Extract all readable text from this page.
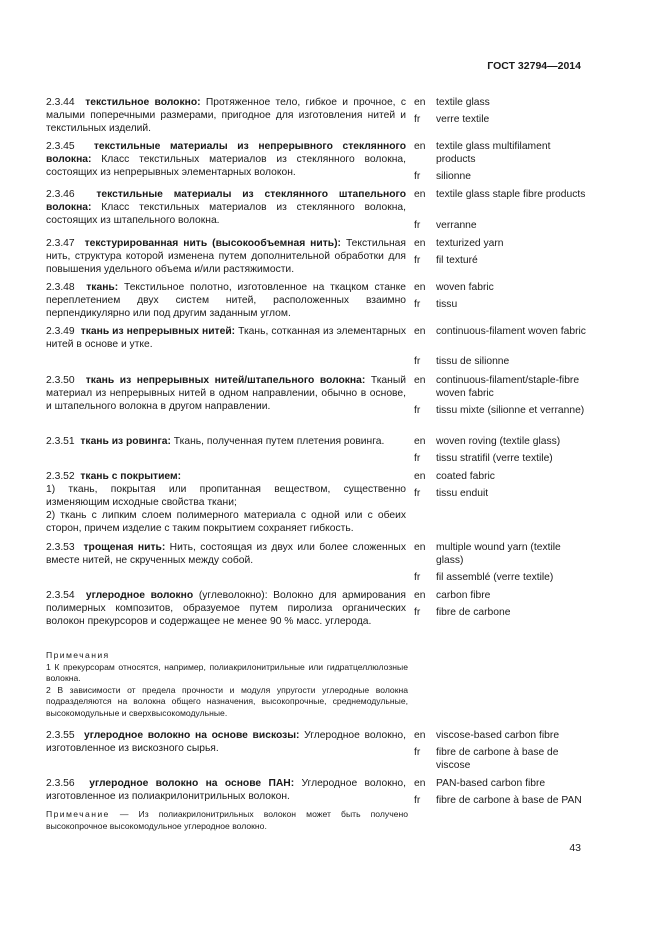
ГОСТ 32794—2014
2.3.44 текстильное волокно: Протяженное тело, гибкое и прочное, с малыми поперечными размерами, пригодное для изготовления нитей и текстильных изделий.
en	textile glass
fr	verre textile
2.3.45 текстильные материалы из непрерывного стеклянного волокна: Класс текстильных материалов из стеклянного волокна, состоящих из непрерывных элементарных волокон.
en	textile glass multifilament products
fr	silionne
2.3.46 текстильные материалы из стеклянного штапельного волокна: Класс текстильных материалов из стеклянного волокна, состоящих из штапельного волокна.
en	textile glass staple fibre products
fr	verranne
2.3.47 текстурированная нить (высокообъемная нить): Текстильная нить, структура которой изменена путем дополнительной обработки для повышения удельного объема и/или растяжимости.
en	texturized yarn
fr	fil texturé
2.3.48 ткань: Текстильное полотно, изготовленное на ткацком станке переплетением двух систем нитей, расположенных взаимно перпендикулярно или под другим заданным углом.
en	woven fabric
fr	tissu
2.3.49 ткань из непрерывных нитей: Ткань, сотканная из элементарных нитей в основе и утке.
en	continuous-filament woven fabric
fr	tissu de silionne
2.3.50 ткань из непрерывных нитей/штапельного волокна: Тканый материал из непрерывных нитей в одном направлении, обычно в основе, и штапельного волокна в другом направлении.
en	continuous-filament/staple-fibre woven fabric
fr	tissu mixte (silionne et verranne)
2.3.51 ткань из ровинга: Ткань, полученная путем плетения ровинга.	en	woven roving (textile glass)
fr	tissu stratifil (verre textile)
2.3.52 ткань с покрытием:
1) ткань, покрытая или пропитанная веществом, существенно изменяющим исходные свойства ткани;
2) ткань с липким слоем полимерного материала с одной или с обеих сторон, причем изделие с таким покрытием сохраняет гибкость.
en	coated fabric
fr	tissu enduit
2.3.53 трощеная нить: Нить, состоящая из двух или более сложенных вместе нитей, не скрученных между собой.
en	multiple wound yarn (textile glass)
fr	fil assemblé (verre textile)
2.3.54 углеродное волокно (углеволокно): Волокно для армирования полимерных композитов, образуемое путем пиролиза органических волокон прекурсоров и содержащее не менее 90 % масс. углерода.
en	carbon fibre
fr	fibre de carbone
Примечания
1 К прекурсорам относятся, например, полиакрилонитрильные или гидратцеллюлозные волокна.
2 В зависимости от предела прочности и модуля упругости углеродные волокна подразделяются на волокна общего назначения, высокопрочные, среднемодульные, высокомодульные и сверхвысокомодульные.
2.3.55 углеродное волокно на основе вискозы: Углеродное волокно, изготовленное из вискозного сырья.
en	viscose-based carbon fibre
fr	fibre de carbone à base de viscose
2.3.56 углеродное волокно на основе ПАН: Углеродное волокно, изготовленное из полиакрилонитрильных волокон.
en	PAN-based carbon fibre
fr	fibre de carbone à base de PAN
Примечание — Из полиакрилонитрильных волокон может быть получено высокопрочное высокомодульное углеродное волокно.
43
